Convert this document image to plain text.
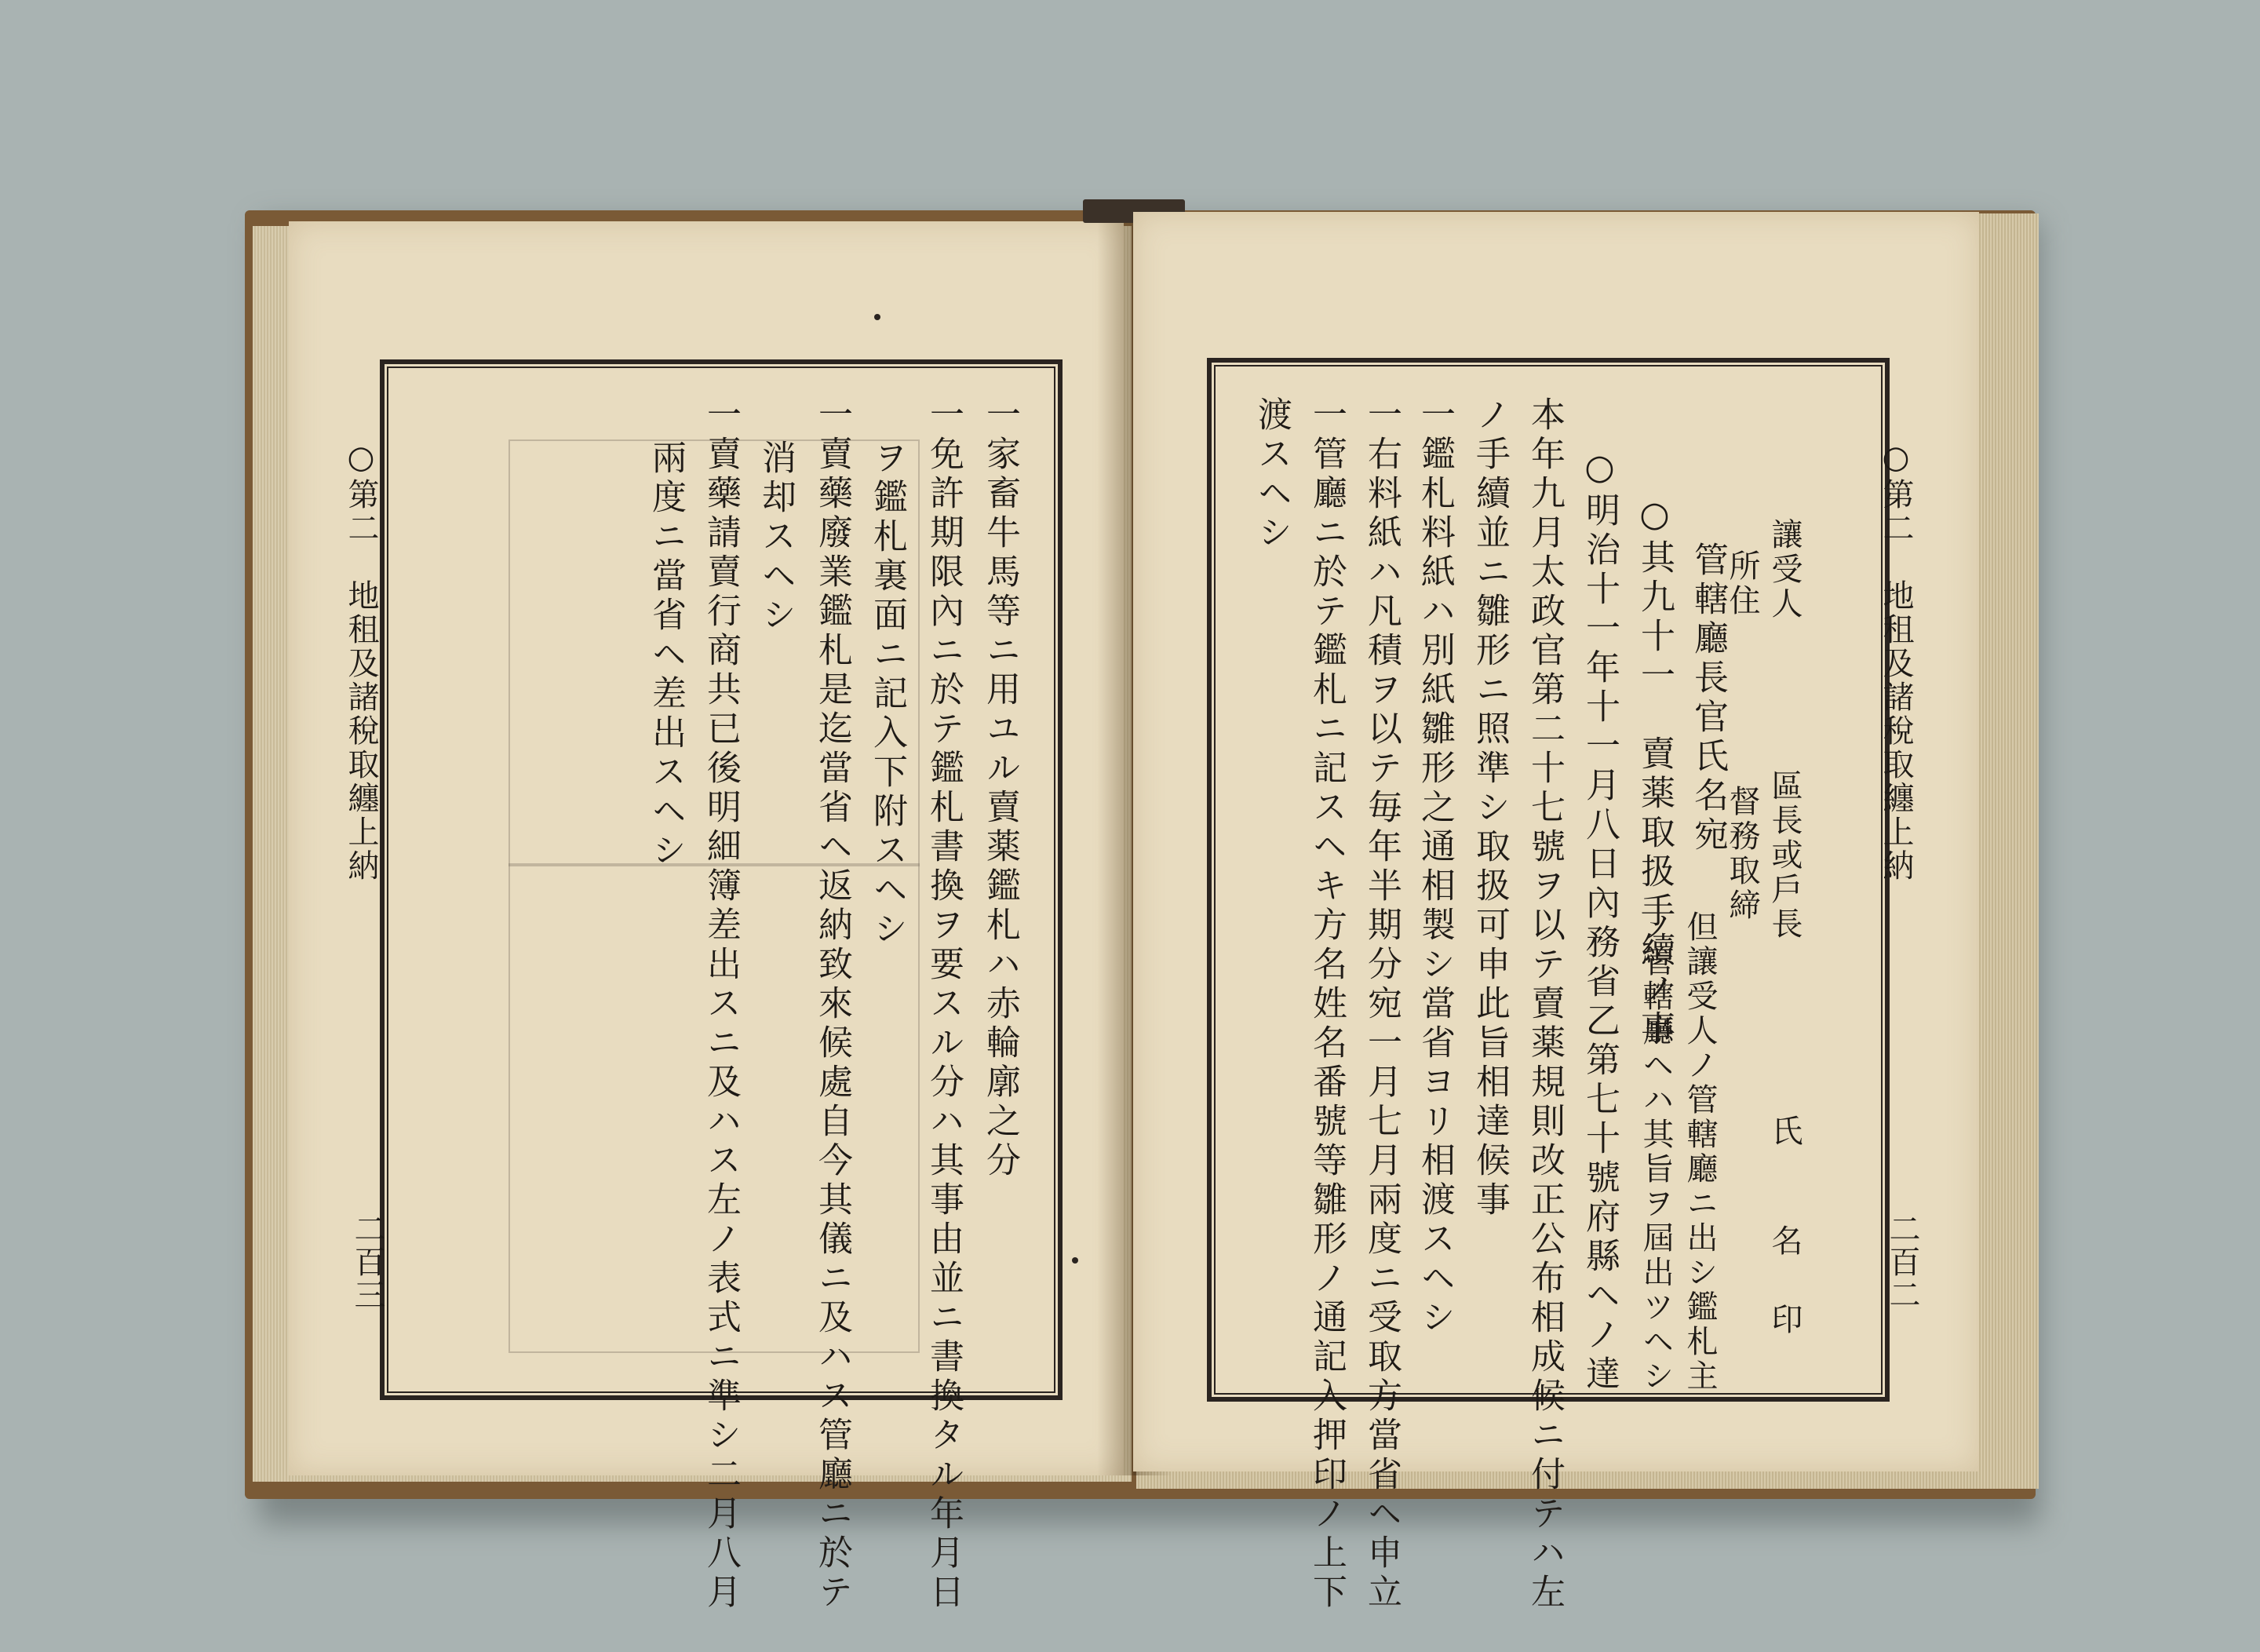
○第二　地租及諸稅取纏上納
二百三
一家畜牛馬等ニ用ユル賣薬鑑札ハ赤輪廓之分
一免許期限內ニ於テ鑑札書換ヲ要スル分ハ其事由並ニ書換タル年月日
ヲ鑑札裏面ニ記入下附スヘシ
一賣藥廢業鑑札是迄當省ヘ返納致來候處自今其儀ニ及ハス管廳ニ於テ
消却スヘシ
一賣藥請賣行商共已後明細簿差出スニ及ハス左ノ表式ニ準シ二月八月
兩度ニ當省ヘ差出スヘシ	○第二　地租及諸稅取纏上納
二百二
讓受人
所住
區長或戶長
督務取締
氏
名
印
但讓受人ノ管轄廳ニ出シ鑑札主
ノ管轄廳ヘハ其旨ヲ屆出ツヘシ
管轄廳長官氏名宛
○其九十一　賣薬取扱手續ノ事
○明治十一年十一月八日內務省乙第七十號府縣ヘノ達
本年九月太政官第二十七號ヲ以テ賣薬規則改正公布相成候ニ付テハ左
ノ手續並ニ雛形ニ照準シ取扱可申此旨相達候事
一鑑札料紙ハ別紙雛形之通相製シ當省ヨリ相渡スヘシ
一右料紙ハ凡積ヲ以テ毎年半期分宛一月七月兩度ニ受取方當省ヘ申立
一管廳ニ於テ鑑札ニ記スヘキ方名姓名番號等雛形ノ通記入押印ノ上下
渡スヘシ
